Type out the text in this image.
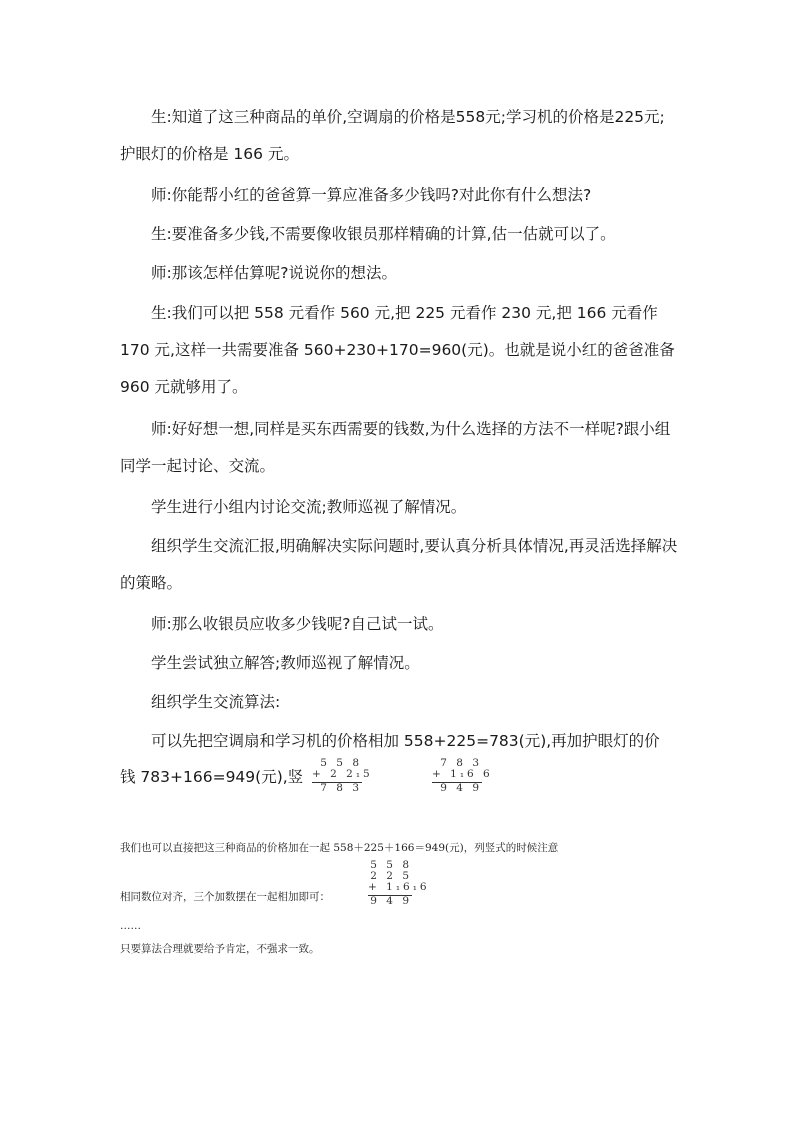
生:知道了这三种商品的单价,空调扇的价格是558元;学习机的价格是225元;护眼灯的价格是 166 元。

师:你能帮小红的爸爸算一算应准备多少钱吗?对此你有什么想法?

生:要准备多少钱,不需要像收银员那样精确的计算,估一估就可以了。

师:那该怎样估算呢?说说你的想法。

生:我们可以把 558 元看作 560 元,把 225 元看作 230 元,把 166 元看作 170 元,这样一共需要准备 560+230+170=960(元)。也就是说小红的爸爸准备 960 元就够用了。

师:好好想一想,同样是买东西需要的钱数,为什么选择的方法不一样呢?跟小组同学一起讨论、交流。

学生进行小组内讨论交流;教师巡视了解情况。

组织学生交流汇报,明确解决实际问题时,要认真分析具体情况,再灵活选择解决的策略。

师:那么收银员应收多少钱呢?自己试一试。

学生尝试独立解答;教师巡视了解情况。

组织学生交流算法:

可以先把空调扇和学习机的价格相加 558+225=783(元),再加护眼灯的价

钱 783+166=949(元),竖

5 5 8
+ 2 2₁5
7 8 3
7 8 3
+ 1₁6 6
9 4 9
我们也可以直接把这三种商品的价格加在一起 558＋225＋166＝949(元)，列竖式的时候注意
相同数位对齐，三个加数摆在一起相加即可：
5 5 8
2 2 5
+ 1₁6₁6
9 4 9
……
只要算法合理就要给予肯定，不强求一致。
